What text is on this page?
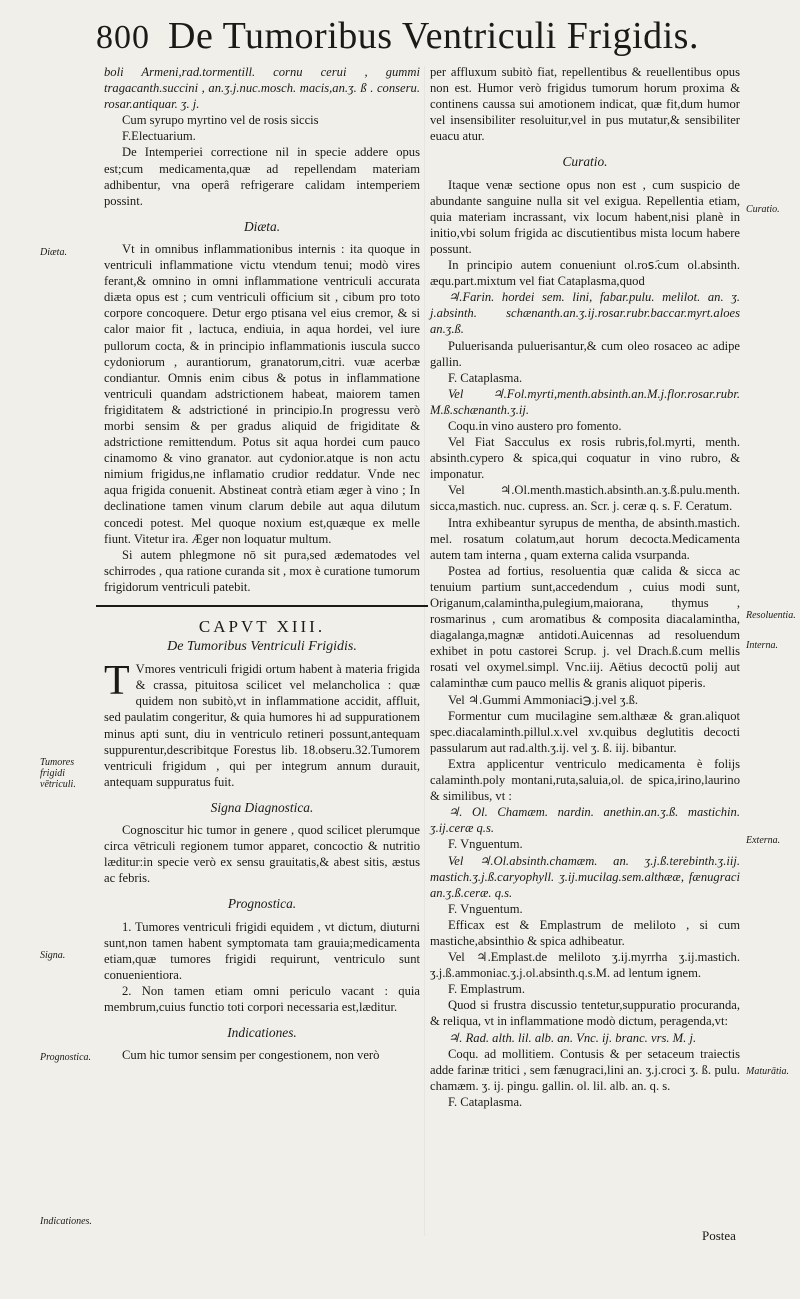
800 De Tumoribus Ventriculi Frigidis.

boli Armeni,rad.tormentill. cornu cerui , gummi tragacanth.succini , an.ʒ.j.nuc.mosch. macis,an.ʒ. ß . conseru. rosar.antiquar. ʒ. j.

Cum syrupo myrtino vel de rosis siccis

F.Electuarium.

De Intemperiei correctione nil in specie addere opus est;cum medicamenta,quæ ad repellendam materiam adhibentur, vna operâ refrigerare calidam intemperiem possint.

Diæta.

Vt in omnibus inflammationibus internis : ita quoque in ventriculi inflammatione victu vtendum tenui; modò vires ferant,& omnino in omni inflammatione ventriculi accurata diæta opus est ; cum ventriculi officium sit , cibum pro toto corpore concoquere. Detur ergo ptisana vel eius cremor, & si calor maior fit , lactuca, endiuia, in aqua hordei, vel iure pullorum cocta, & in principio inflammationis iuscula succo cydoniorum , aurantiorum, granatorum,citri. vuæ acerbæ condiantur. Omnis enim cibus & potus in inflammatione ventriculi quandam adstrictionem habeat, maiorem tamen frigiditatem & adstrictioné in principio.In progressu verò morbi sensim & per gradus aliquid de frigiditate & adstrictione remittendum. Potus sit aqua hordei cum pauco cinamomo & vino granator. aut cydonior.atque is non actu nimium frigidus,ne inflamatio crudior reddatur. Vnde nec aqua frigida conuenit. Abstineat contrà etiam æger à vino ; In declinatione tamen vinum clarum debile aut aqua dilutum concedi potest. Mel quoque noxium est,quæque ex melle fiunt. Vitetur ira. Æger non loquatur multum.

Si autem phlegmone nō sit pura,sed ædematodes vel schirrodes , qua ratione curanda sit , mox è curatione tumorum frigidorum ventriculi patebit.

CAPVT XIII.

De Tumoribus Ventriculi Frigidis.

T Vmores ventriculi frigidi ortum habent à materia frigida & crassa, pituitosa scilicet vel melancholica : quæ quidem non subitò,vt in inflammatione accidit, affluit, sed paulatim congeritur, & quia humores hi ad suppurationem minus apti sunt, diu in ventriculo retineri possunt,antequam suppurentur,describitque Forestus lib. 18.obseru.32.Tumorem ventriculi frigidum , qui per integrum annum durauit, antequam suppuratus fuit.

Signa Diagnostica.

Cognoscitur hic tumor in genere , quod scilicet plerumque circa vētriculi regionem tumor apparet, concoctio & nutritio læditur:in specie verò ex sensu grauitatis,& abest sitis, æstus ac febris.

Prognostica.

1. Tumores ventriculi frigidi equidem , vt dictum, diuturni sunt,non tamen habent symptomata tam grauia;medicamenta etiam,quæ tumores frigidi requirunt, ventriculo sunt conuenientiora.

2. Non tamen etiam omni periculo vacant : quia membrum,cuius functio toti corpori necessaria est,læditur.

Indicationes.

Cum hic tumor sensim per congestionem, non verò

per affluxum subitò fiat, repellentibus & reuellentibus opus non est. Humor verò frigidus tumorum horum proxima & continens caussa sui amotionem indicat, quæ fit,dum humor vel insensibiliter resoluitur,vel in pus mutatur,& sensibiliter euacu atur.

Curatio.

Itaque venæ sectione opus non est , cum suspicio de abundante sanguine nulla sit vel exigua. Repellentia etiam, quia materiam incrassant, vix locum habent,nisi planè in initio,vbi solum frigida ac discutientibus mista locum habere possunt.

In principio autem conueniunt ol.rosَ.cum ol.absinth. æqu.part.mixtum vel fiat Cataplasma,quod

♃.Farin. hordei sem. lini, fabar.pulu. melilot. an. ʒ. j.absinth. schænanth.an.ʒ.ij.rosar.rubr.baccar.myrt.aloes an.ʒ.ß.

Puluerisanda puluerisantur,& cum oleo rosaceo ac adipe gallin.

F. Cataplasma.

Vel ♃.Fol.myrti,menth.absinth.an.M.j.flor.rosar.rubr. M.ß.schænanth.ʒ.ij.

Coqu.in vino austero pro fomento.

Vel Fiat Sacculus ex rosis rubris,fol.myrti, menth. absinth.cypero & spica,qui coquatur in vino rubro, & imponatur.

Vel ♃.Ol.menth.mastich.absinth.an.ʒ.ß.pulu.menth. sicca,mastich. nuc. cupress. an. Scr. j. ceræ q. s. F. Ceratum.

Intra exhibeantur syrupus de mentha, de absinth.mastich. mel. rosatum colatum,aut horum decocta.Medicamenta autem tam interna , quam externa calida vsurpanda.

Postea ad fortius, resoluentia quæ calida & sicca ac tenuium partium sunt,accedendum , cuius modi sunt, Origanum,calamintha,pulegium,maiorana, thymus , rosmarinus , cum aromatibus & composita diacalamintha, diagalanga,magnæ antidoti.Auicennas ad resoluendum exhibet in potu castorei Scrup. j. vel Drach.ß.cum mellis rosati vel oxymel.simpl. Vnc.iij. Aëtius decoctū polij aut calaminthæ cum pauco mellis & granis aliquot piperis.

Vel ♃.Gummi Ammoniaci℈.j.vel ʒ.ß.

Formentur cum mucilagine sem.althææ & gran.aliquot spec.diacalaminth.pillul.x.vel xv.quibus deglutitis decocti passularum aut rad.alth.ʒ.ij. vel ʒ. ß. iij. bibantur.

Extra applicentur ventriculo medicamenta è folijs calaminth.poly montani,ruta,saluia,ol. de spica,irino,laurino & similibus, vt :

♃. Ol. Chamæm. nardin. anethin.an.ʒ.ß. mastichin. ʒ.ij.ceræ q.s.

F. Vnguentum.

Vel ♃.Ol.absinth.chamæm. an. ʒ.j.ß.terebinth.ʒ.iij. mastich.ʒ.j.ß.caryophyll. ʒ.ij.mucilag.sem.althææ, fænugraci an.ʒ.ß.ceræ. q.s.

F. Vnguentum.

Efficax est & Emplastrum de meliloto , si cum mastiche,absinthio & spica adhibeatur.

Vel ♃.Emplast.de meliloto ʒ.ij.myrrha ʒ.ij.mastich. ʒ.j.ß.ammoniac.ʒ.j.ol.absinth.q.s.M. ad lentum ignem.

F. Emplastrum.

Quod si frustra discussio tentetur,suppuratio procuranda, & reliqua, vt in inflammatione modò dictum, peragenda,vt:

♃. Rad. alth. lil. alb. an. Vnc. ij. branc. vrs. M. j.

Coqu. ad mollitiem. Contusis & per setaceum traiectis adde farinæ tritici , sem fænugraci,lini an. ʒ.j.croci ʒ. ß. pulu. chamæm. ʒ. ij. pingu. gallin. ol. lil. alb. an. q. s.

F. Cataplasma.

Diæta.
Tumores frigidi vētriculi.
Signa.
Prognostica.
Indicationes.
Curatio.
Resoluentia.
Interna.
Externa.
Maturātia.
Postea
